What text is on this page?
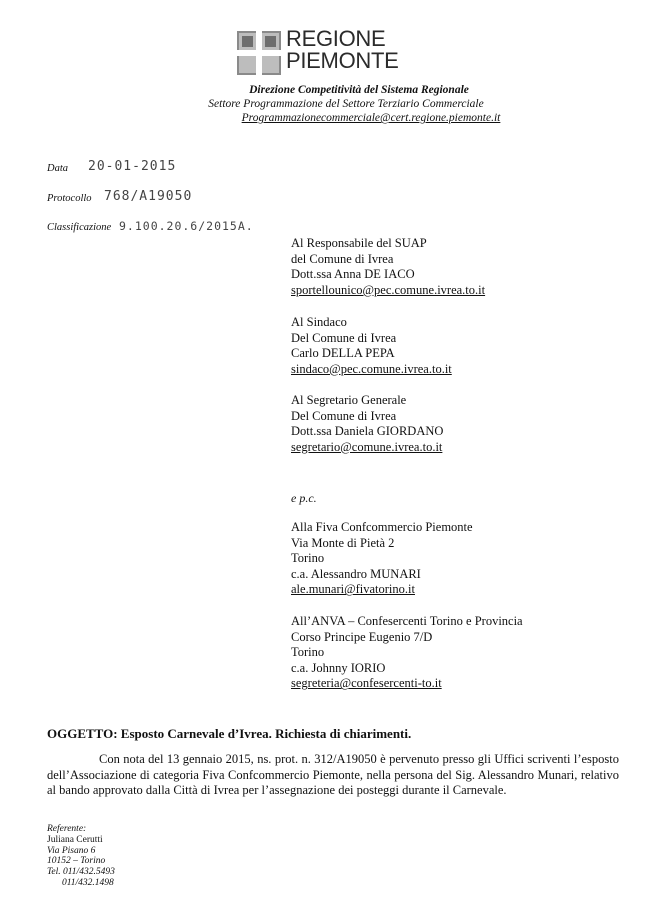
REGIONE
PIEMONTE
Direzione Competitività del Sistema Regionale
Settore Programmazione del Settore Terziario Commerciale
Programmazionecommerciale@cert.regione.piemonte.it
Data 20-01-2015
Protocollo 768/A19050
Classificazione 9.100.20.6/2015A.
Al Responsabile del SUAP
del Comune di Ivrea
Dott.ssa Anna DE IACO
sportellounico@pec.comune.ivrea.to.it
Al Sindaco
Del Comune di Ivrea
Carlo DELLA PEPA
sindaco@pec.comune.ivrea.to.it
Al Segretario Generale
Del Comune di Ivrea
Dott.ssa Daniela GIORDANO
segretario@comune.ivrea.to.it
e p.c.
Alla Fiva Confcommercio Piemonte
Via Monte di Pietà 2
Torino
c.a. Alessandro MUNARI
ale.munari@fivatorino.it
All’ANVA – Confesercenti Torino e Provincia
Corso Principe Eugenio 7/D
Torino
c.a. Johnny IORIO
segreteria@confesercenti-to.it
OGGETTO: Esposto Carnevale d’Ivrea. Richiesta di chiarimenti.
Con nota del 13 gennaio 2015, ns. prot. n. 312/A19050 è pervenuto presso gli Uffici scriventi l’esposto dell’Associazione di categoria Fiva Confcommercio Piemonte, nella persona del Sig. Alessandro Munari, relativo al bando approvato dalla Città di Ivrea per l’assegnazione dei posteggi durante il Carnevale.
Referente:
Juliana Cerutti
Via Pisano 6
10152 – Torino
Tel. 011/432.5493
011/432.1498
